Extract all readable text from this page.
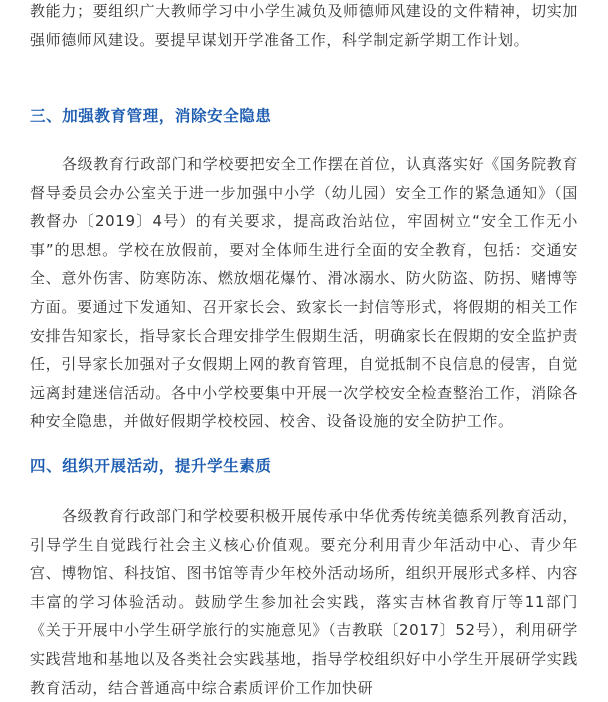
教能力；要组织广大教师学习中小学生减负及师德师风建设的文件精神，切实加强师德师风建设。要提早谋划开学准备工作，科学制定新学期工作计划。

三、加强教育管理，消除安全隐患

各级教育行政部门和学校要把安全工作摆在首位，认真落实好《国务院教育督导委员会办公室关于进一步加强中小学（幼儿园）安全工作的紧急通知》（国教督办〔2019〕4号）的有关要求，提高政治站位，牢固树立“安全工作无小事”的思想。学校在放假前，要对全体师生进行全面的安全教育，包括：交通安全、意外伤害、防寒防冻、燃放烟花爆竹、滑冰溺水、防火防盗、防拐、赌博等方面。要通过下发通知、召开家长会、致家长一封信等形式，将假期的相关工作安排告知家长，指导家长合理安排学生假期生活，明确家长在假期的安全监护责任，引导家长加强对子女假期上网的教育管理，自觉抵制不良信息的侵害，自觉远离封建迷信活动。各中小学校要集中开展一次学校安全检查整治工作，消除各种安全隐患，并做好假期学校校园、校舍、设备设施的安全防护工作。

四、组织开展活动，提升学生素质

各级教育行政部门和学校要积极开展传承中华优秀传统美德系列教育活动，引导学生自觉践行社会主义核心价值观。要充分利用青少年活动中心、青少年宫、博物馆、科技馆、图书馆等青少年校外活动场所，组织开展形式多样、内容丰富的学习体验活动。鼓励学生参加社会实践，落实吉林省教育厅等11部门《关于开展中小学生研学旅行的实施意见》（吉教联〔2017〕52号），利用研学实践营地和基地以及各类社会实践基地，指导学校组织好中小学生开展研学实践教育活动，结合普通高中综合素质评价工作加快研
